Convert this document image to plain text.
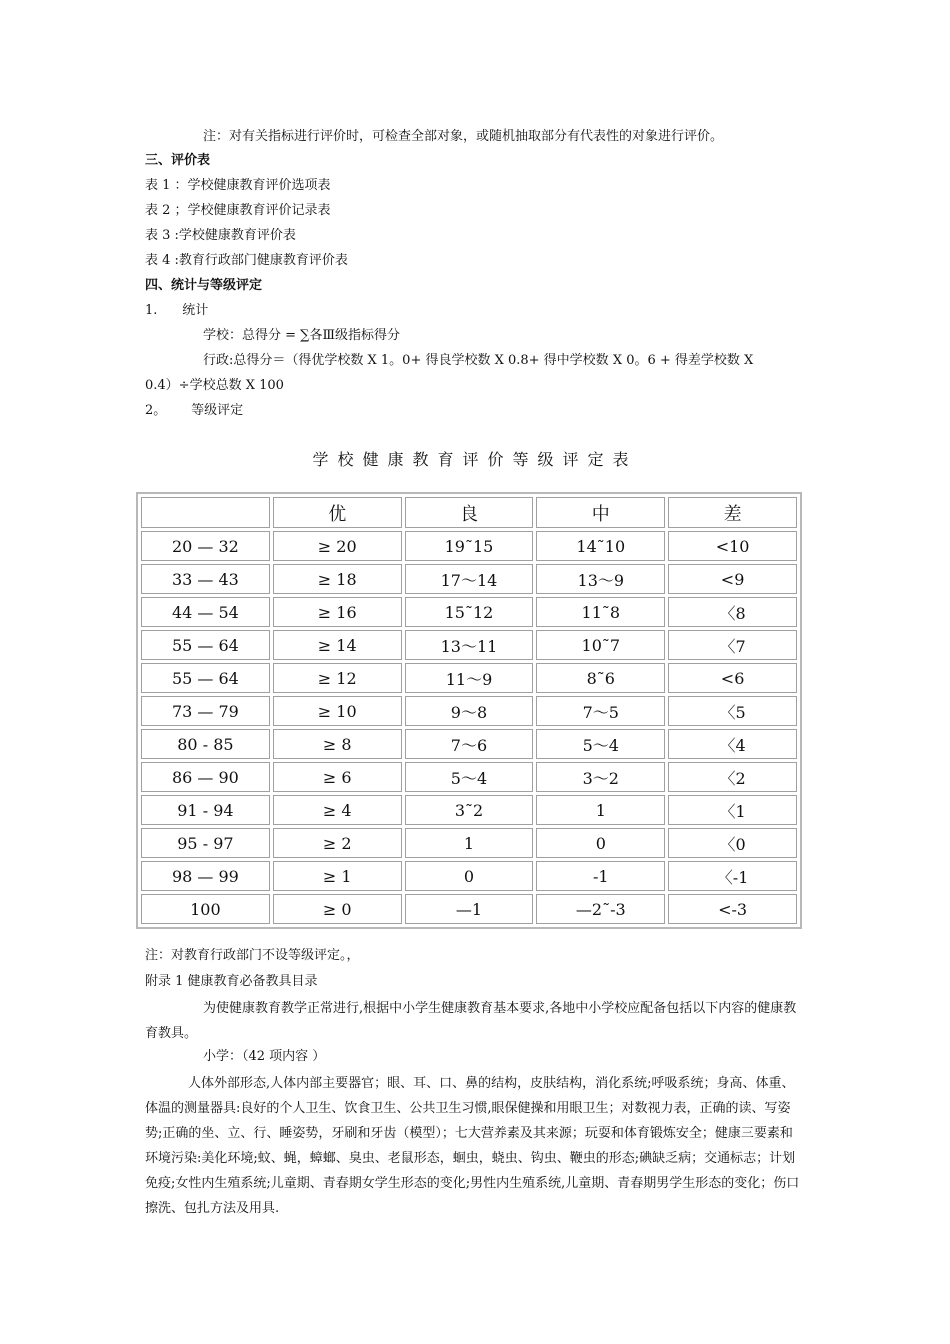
注：对有关指标进行评价时，可检查全部对象，或随机抽取部分有代表性的对象进行评价。
三、评价表
表 1 ：学校健康教育评价选项表
表 2 ；学校健康教育评价记录表
表 3 :学校健康教育评价表
表 4 :教育行政部门健康教育评价表
四、统计与等级评定
1.      统计
学校：总得分 = ∑各Ⅲ级指标得分
行政:总得分＝（得优学校数 X 1。0+ 得良学校数 X 0.8+ 得中学校数 X 0。6 + 得差学校数 X
0.4）÷学校总数 X 100
2。      等级评定
学校健康教育评价等级评定表
	优	良	中	差
20 — 32	≥ 20	19˜15	14˜10	<10
33 — 43	≥ 18	17～14	13～9	<9
44 — 54	≥ 16	15˜12	11˜8	〈8
55 — 64	≥ 14	13～11	10˜7	〈7
55 — 64	≥ 12	11～9	8˜6	<6
73 — 79	≥ 10	9～8	7～5	〈5
80 - 85	≥ 8	7～6	5～4	〈4
86 — 90	≥ 6	5～4	3～2	〈2
91 - 94	≥ 4	3˜2	1	〈1
95 - 97	≥ 2	1	0	〈0
98 — 99	≥ 1	0	-1	〈-1
100	≥ 0	—1	—2˜-3	<-3
注：对教育行政部门不设等级评定。，
附录 1 健康教育必备教具目录
为使健康教育教学正常进行,根据中小学生健康教育基本要求,各地中小学校应配备包括以下内容的健康教育教具。
小学：（42 项内容 ）
人体外部形态,人体内部主要器官；眼、耳、口、鼻的结构，皮肤结构，消化系统;呼吸系统；身高、体重、体温的测量器具:良好的个人卫生、饮食卫生、公共卫生习惯,眼保健操和用眼卫生；对数视力表，正确的读、写姿势;正确的坐、立、行、睡姿势，牙刷和牙齿（模型）；七大营养素及其来源；玩耍和体育锻炼安全；健康三要素和环境污染:美化环境;蚊、蝇，蟑螂、臭虫、老鼠形态，蛔虫，蛲虫、钩虫、鞭虫的形态;碘缺乏病；交通标志；计划免疫;女性内生殖系统;儿童期、青春期女学生形态的变化;男性内生殖系统,儿童期、青春期男学生形态的变化；伤口擦洗、包扎方法及用具.
